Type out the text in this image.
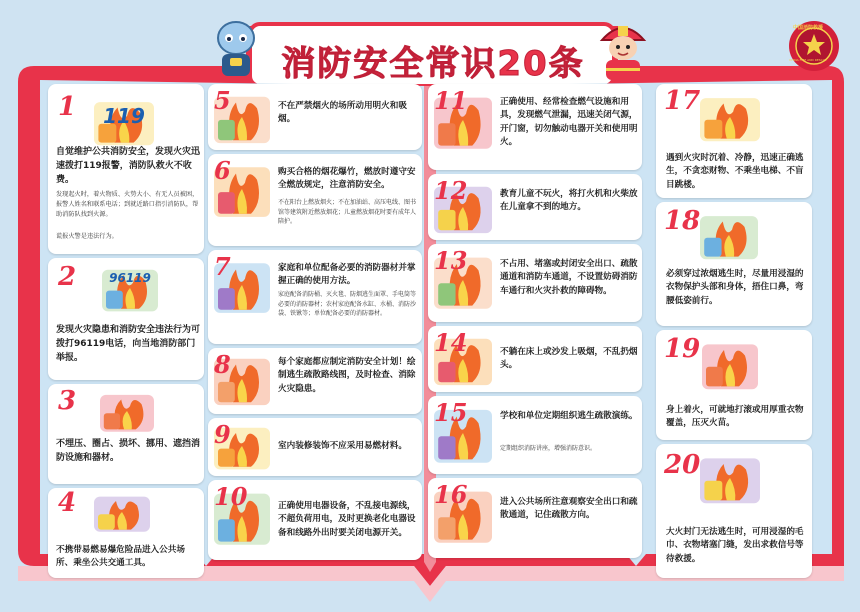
消防安全常识20条
119
1
自觉维护公共消防安全，发现火灾迅速拨打119报警，消防队救火不收费。
发现起火时，着火物质、火势大小、有无人员被困，报警人姓名和联系电话；到就近路口指引消防队，帮助消防队找到火源。
谎报火警是违法行为。
96119
2
发现火灾隐患和消防安全违法行为可拨打96119电话，向当地消防部门举报。
3
不埋压、圈占、损坏、挪用、遮挡消防设施和器材。
4
不携带易燃易爆危险品进入公共场所、乘坐公共交通工具。
5	不在严禁烟火的场所动用明火和吸烟。
6	购买合格的烟花爆竹，燃放时遵守安全燃放规定，注意消防安全。
不在阳台上燃放烟火；不在加油站、高压电线、图书馆等建筑附近燃放烟花；儿童燃放烟花时要有成年人陪护。
7	家庭和单位配备必要的消防器材并掌握正确的使用方法。
家庭配备消防桶、灭火毯、防烟逃生面罩、手电筒等必要的消防器材；农村家庭配备水缸、水桶、消防沙袋、铁锹等；单位配备必要的消防器材。
8	每个家庭都应制定消防安全计划！绘制逃生疏散路线图，及时检查、消除火灾隐患。
9	室内装修装饰不应采用易燃材料。
10	正确使用电器设备，不乱接电源线，不超负荷用电，及时更换老化电器设备和线路外出时要关闭电源开关。
11	正确使用、经常检查燃气设施和用具，发现燃气泄漏，迅速关闭气源，开门窗，切勿触动电器开关和使用明火。
12	教育儿童不玩火，将打火机和火柴放在儿童拿不到的地方。
13	不占用、堵塞或封闭安全出口、疏散通道和消防车通道，不设置妨碍消防车通行和火灾扑救的障碍物。
14	不躺在床上或沙发上吸烟，不乱扔烟头。
15	学校和单位定期组织逃生疏散演练。
定期组织消防讲座，增强消防意识。
16	进入公共场所注意观察安全出口和疏散通道，记住疏散方向。
17
遇到火灾时沉着、冷静，迅速正确逃生，不贪恋财物、不乘坐电梯、不盲目跳楼。
18
必须穿过浓烟逃生时，尽量用浸湿的衣物保护头部和身体，捂住口鼻，弯腰低姿前行。
19
身上着火，可就地打滚或用厚重衣物覆盖，压灭火苗。
20
大火封门无法逃生时，可用浸湿的毛巾、衣物堵塞门缝，发出求救信号等待救援。
中国消防救援
CHINA FIRE AND RESCUE
